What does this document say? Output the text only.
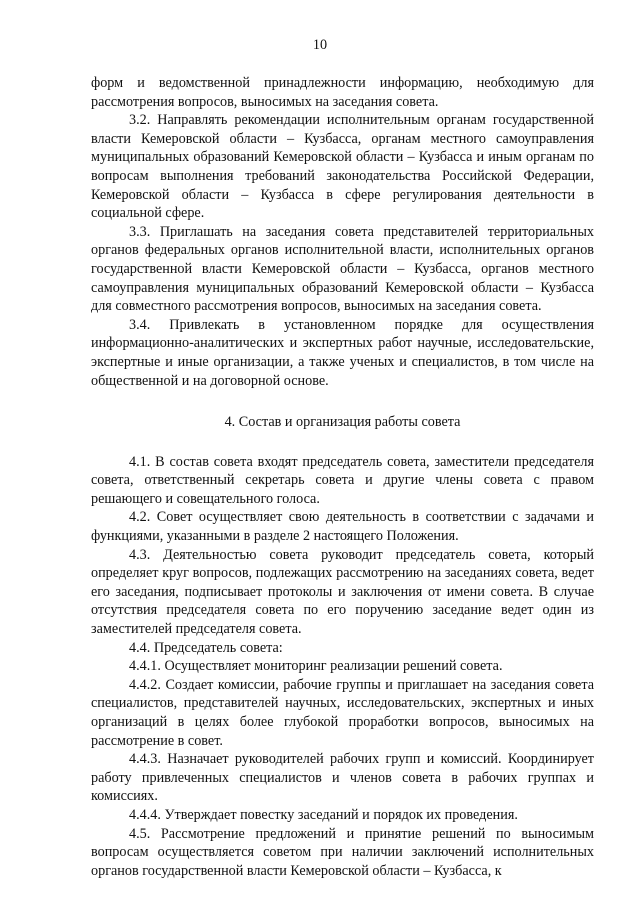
10

форм и ведомственной принадлежности информацию, необходимую для рассмотрения вопросов, выносимых на заседания совета.

3.2. Направлять рекомендации исполнительным органам государственной власти Кемеровской области – Кузбасса, органам местного самоуправления муниципальных образований Кемеровской области – Кузбасса и иным органам по вопросам выполнения требований законодательства Российской Федерации, Кемеровской области – Кузбасса в сфере регулирования деятельности в социальной сфере.

3.3. Приглашать на заседания совета представителей территориальных органов федеральных органов исполнительной власти, исполнительных органов государственной власти Кемеровской области – Кузбасса, органов местного самоуправления муниципальных образований Кемеровской области – Кузбасса для совместного рассмотрения вопросов, выносимых на заседания совета.

3.4. Привлекать в установленном порядке для осуществления информационно-аналитических и экспертных работ научные, исследовательские, экспертные и иные организации, а также ученых и специалистов, в том числе на общественной и на договорной основе.

4. Состав и организация работы совета

4.1. В состав совета входят председатель совета, заместители председателя совета, ответственный секретарь совета и другие члены совета с правом решающего и совещательного голоса.

4.2. Совет осуществляет свою деятельность в соответствии с задачами и функциями, указанными в разделе 2 настоящего Положения.

4.3. Деятельностью совета руководит председатель совета, который определяет круг вопросов, подлежащих рассмотрению на заседаниях совета, ведет его заседания, подписывает протоколы и заключения от имени совета. В случае отсутствия председателя совета по его поручению заседание ведет один из заместителей председателя совета.

4.4. Председатель совета:

4.4.1. Осуществляет мониторинг реализации решений совета.

4.4.2. Создает комиссии, рабочие группы и приглашает на заседания совета специалистов, представителей научных, исследовательских, экспертных и иных организаций в целях более глубокой проработки вопросов, выносимых на рассмотрение в совет.

4.4.3. Назначает руководителей рабочих групп и комиссий. Координирует работу привлеченных специалистов и членов совета в рабочих группах и комиссиях.

4.4.4. Утверждает повестку заседаний и порядок их проведения.

4.5. Рассмотрение предложений и принятие решений по выносимым вопросам осуществляется советом при наличии заключений исполнительных органов государственной власти Кемеровской области – Кузбасса, к
